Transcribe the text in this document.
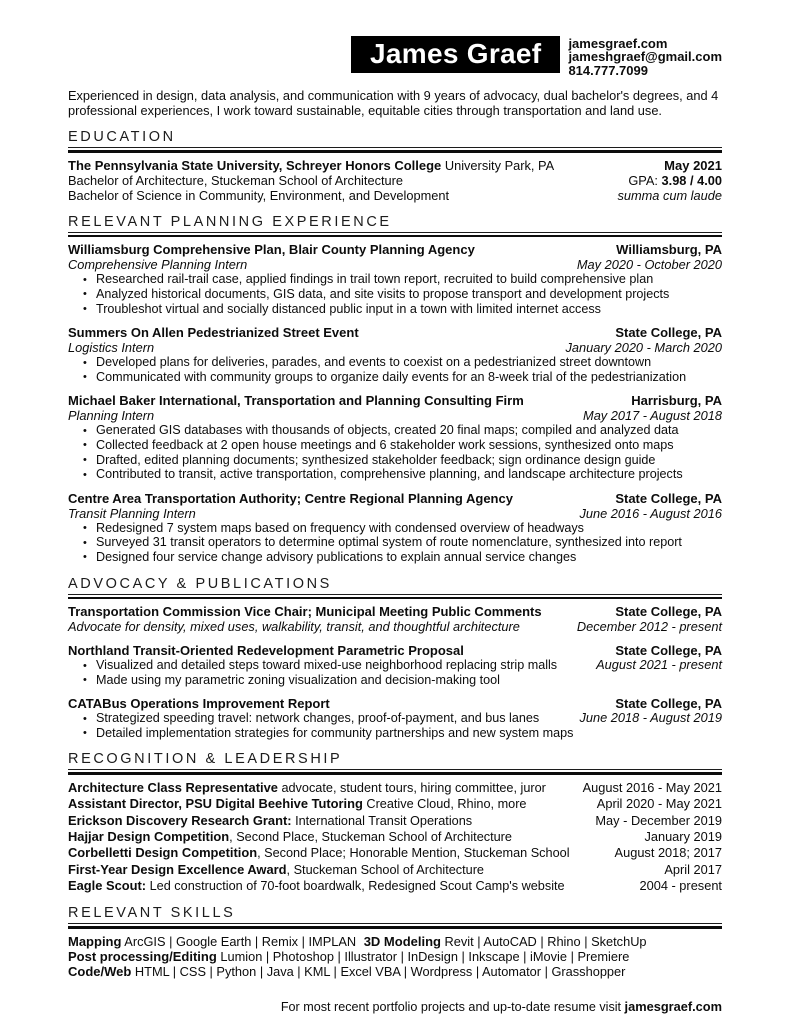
James Graef	jamesgraef.com
jameshgraef@gmail.com
814.777.7099
Experienced in design, data analysis, and communication with 9 years of advocacy, dual bachelor's degrees, and 4 professional experiences, I work toward sustainable, equitable cities through transportation and land use.
EDUCATION
The Pennsylvania State University, Schreyer Honors College University Park, PA	May 2021
Bachelor of Architecture, Stuckeman School of Architecture	GPA: 3.98 / 4.00
Bachelor of Science in Community, Environment, and Development	summa cum laude
RELEVANT PLANNING EXPERIENCE
Williamsburg Comprehensive Plan, Blair County Planning Agency	Williamsburg, PA
Comprehensive Planning Intern	May 2020 - October 2020
• Researched rail-trail case, applied findings in trail town report, recruited to build comprehensive plan
• Analyzed historical documents, GIS data, and site visits to propose transport and development projects
• Troubleshot virtual and socially distanced public input in a town with limited internet access
Summers On Allen Pedestrianized Street Event	State College, PA
Logistics Intern	January 2020 - March 2020
• Developed plans for deliveries, parades, and events to coexist on a pedestrianized street downtown
• Communicated with community groups to organize daily events for an 8-week trial of the pedestrianization
Michael Baker International, Transportation and Planning Consulting Firm	Harrisburg, PA
Planning Intern	May 2017 - August 2018
• Generated GIS databases with thousands of objects, created 20 final maps; compiled and analyzed data
• Collected feedback at 2 open house meetings and 6 stakeholder work sessions, synthesized onto maps
• Drafted, edited planning documents; synthesized stakeholder feedback; sign ordinance design guide
• Contributed to transit, active transportation, comprehensive planning, and landscape architecture projects
Centre Area Transportation Authority; Centre Regional Planning Agency	State College, PA
Transit Planning Intern	June 2016 - August 2016
• Redesigned 7 system maps based on frequency with condensed overview of headways
• Surveyed 31 transit operators to determine optimal system of route nomenclature, synthesized into report
• Designed four service change advisory publications to explain annual service changes
ADVOCACY & PUBLICATIONS
Transportation Commission Vice Chair; Municipal Meeting Public Comments	State College, PA
Advocate for density, mixed uses, walkability, transit, and thoughtful architecture	December 2012 - present
Northland Transit-Oriented Redevelopment Parametric Proposal	State College, PA
• Visualized and detailed steps toward mixed-use neighborhood replacing strip malls	August 2021 - present
• Made using my parametric zoning visualization and decision-making tool
CATABus Operations Improvement Report	State College, PA
• Strategized speeding travel: network changes, proof-of-payment, and bus lanes	June 2018 - August 2019
• Detailed implementation strategies for community partnerships and new system maps
RECOGNITION & LEADERSHIP
Architecture Class Representative advocate, student tours, hiring committee, juror	August 2016 - May 2021
Assistant Director, PSU Digital Beehive Tutoring Creative Cloud, Rhino, more	April 2020 - May 2021
Erickson Discovery Research Grant: International Transit Operations	May - December 2019
Hajjar Design Competition, Second Place, Stuckeman School of Architecture	January 2019
Corbelletti Design Competition, Second Place; Honorable Mention, Stuckeman School	August 2018; 2017
First-Year Design Excellence Award, Stuckeman School of Architecture	April 2017
Eagle Scout: Led construction of 70-foot boardwalk, Redesigned Scout Camp's website	2004 - present
RELEVANT SKILLS
Mapping ArcGIS | Google Earth | Remix | IMPLAN 3D Modeling Revit | AutoCAD | Rhino | SketchUp
Post processing/Editing Lumion | Photoshop | Illustrator | InDesign | Inkscape | iMovie | Premiere
Code/Web HTML | CSS | Python | Java | KML | Excel VBA | Wordpress | Automator | Grasshopper
For most recent portfolio projects and up-to-date resume visit jamesgraef.com
